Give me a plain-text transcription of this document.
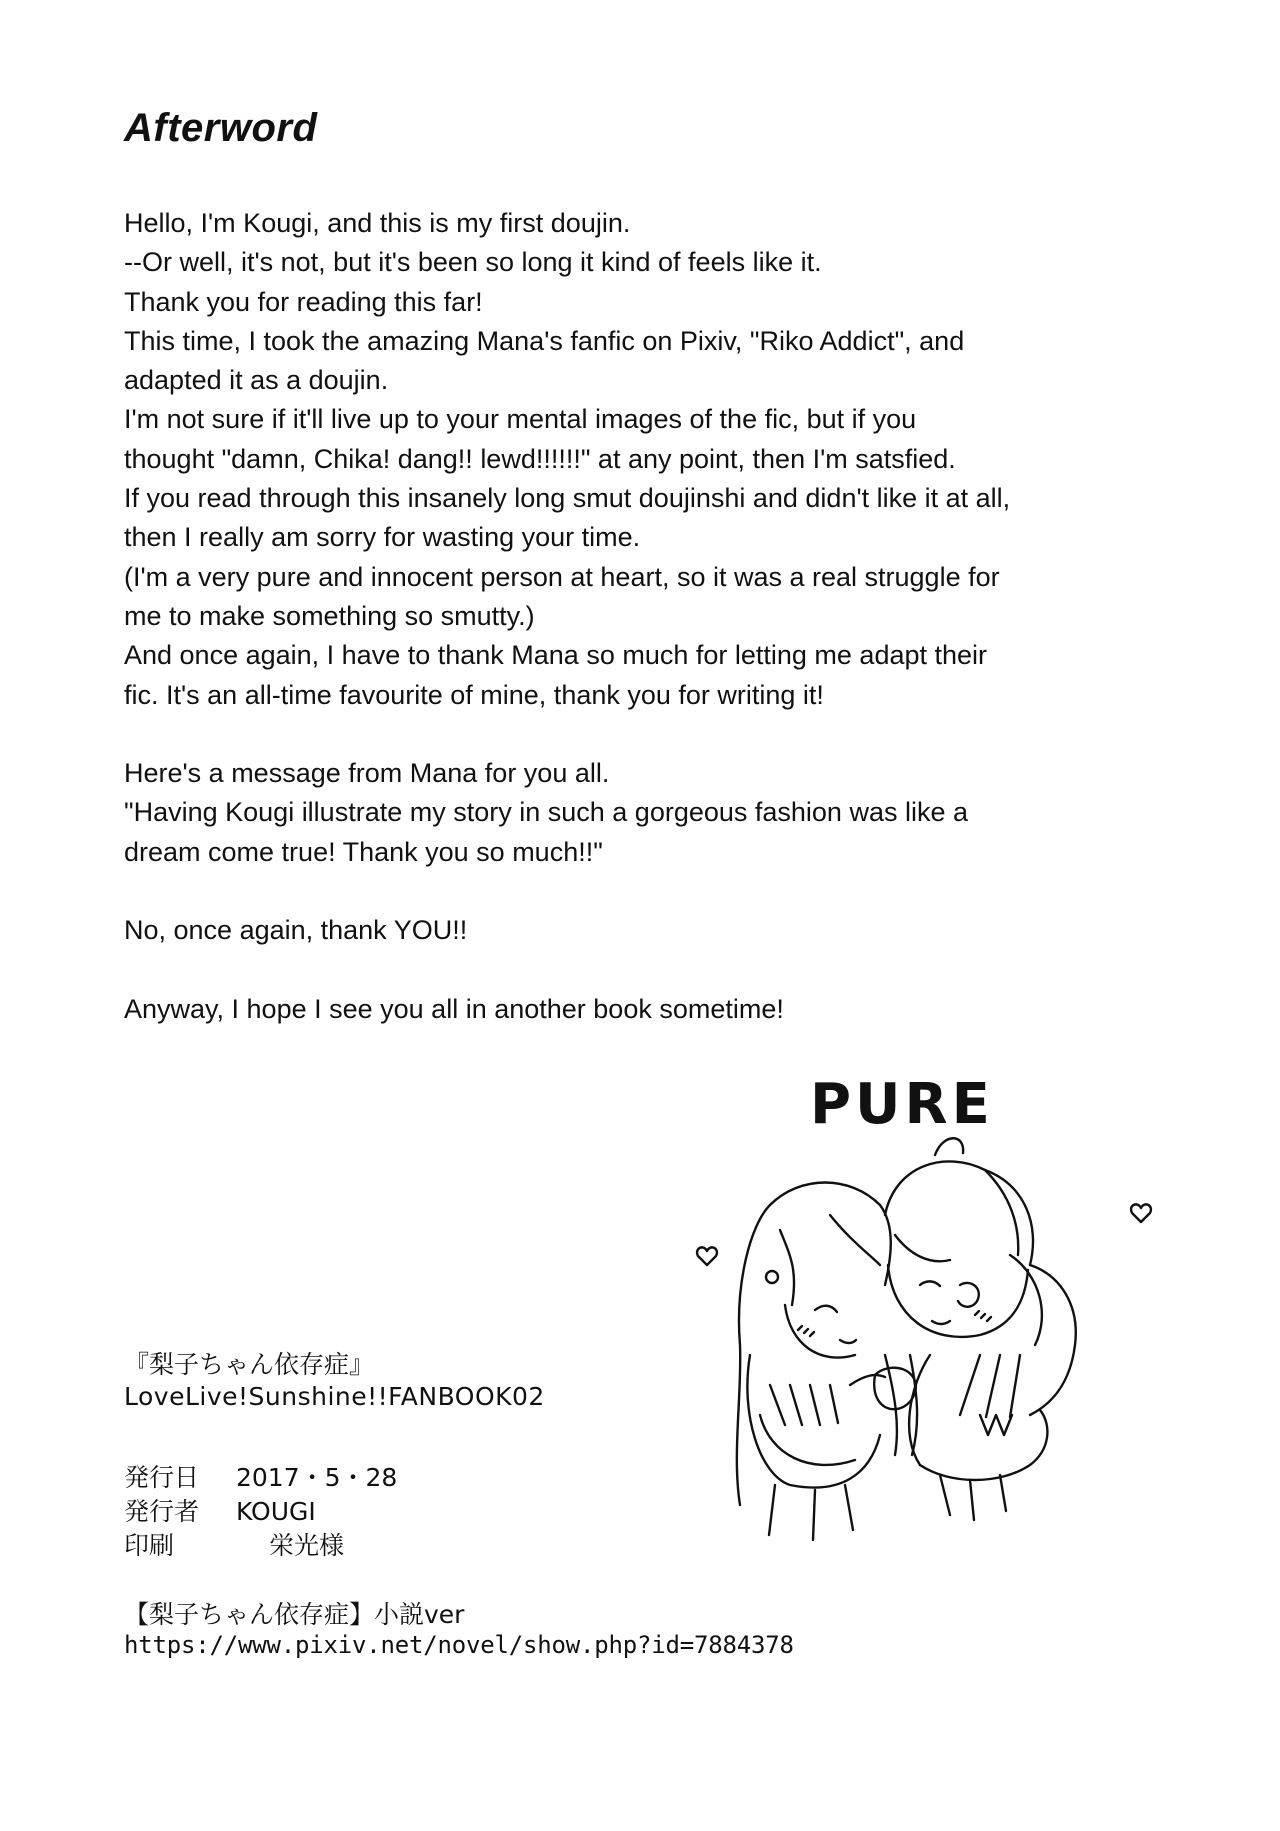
Afterword

Hello, I'm Kougi, and this is my first doujin.

--Or well, it's not, but it's been so long it kind of feels like it.

Thank you for reading this far!

This time, I took the amazing Mana's fanfic on Pixiv, "Riko Addict", and

adapted it as a doujin.

I'm not sure if it'll live up to your mental images of the fic, but if you

thought "damn, Chika! dang!! lewd!!!!!!" at any point, then I'm satsfied.

If you read through this insanely long smut doujinshi and didn't like it at all,

then I really am sorry for wasting your time.

(I'm a very pure and innocent person at heart, so it was a real struggle for

me to make something so smutty.)

And once again, I have to thank Mana so much for letting me adapt their

fic. It's an all-time favourite of mine, thank you for writing it!

Here's a message from Mana for you all.

"Having Kougi illustrate my story in such a gorgeous fashion was like a

dream come true! Thank you so much!!"

No, once again, thank YOU!!

Anyway, I hope I see you all in another book sometime!

PURE
『梨子ちゃん依存症』
LoveLive!Sunshine!!FANBOOK02
発行日 2017・5・28
発行者 KOUGI
印刷	栄光様
【梨子ちゃん依存症】小説ver
https://www.pixiv.net/novel/show.php?id=7884378
